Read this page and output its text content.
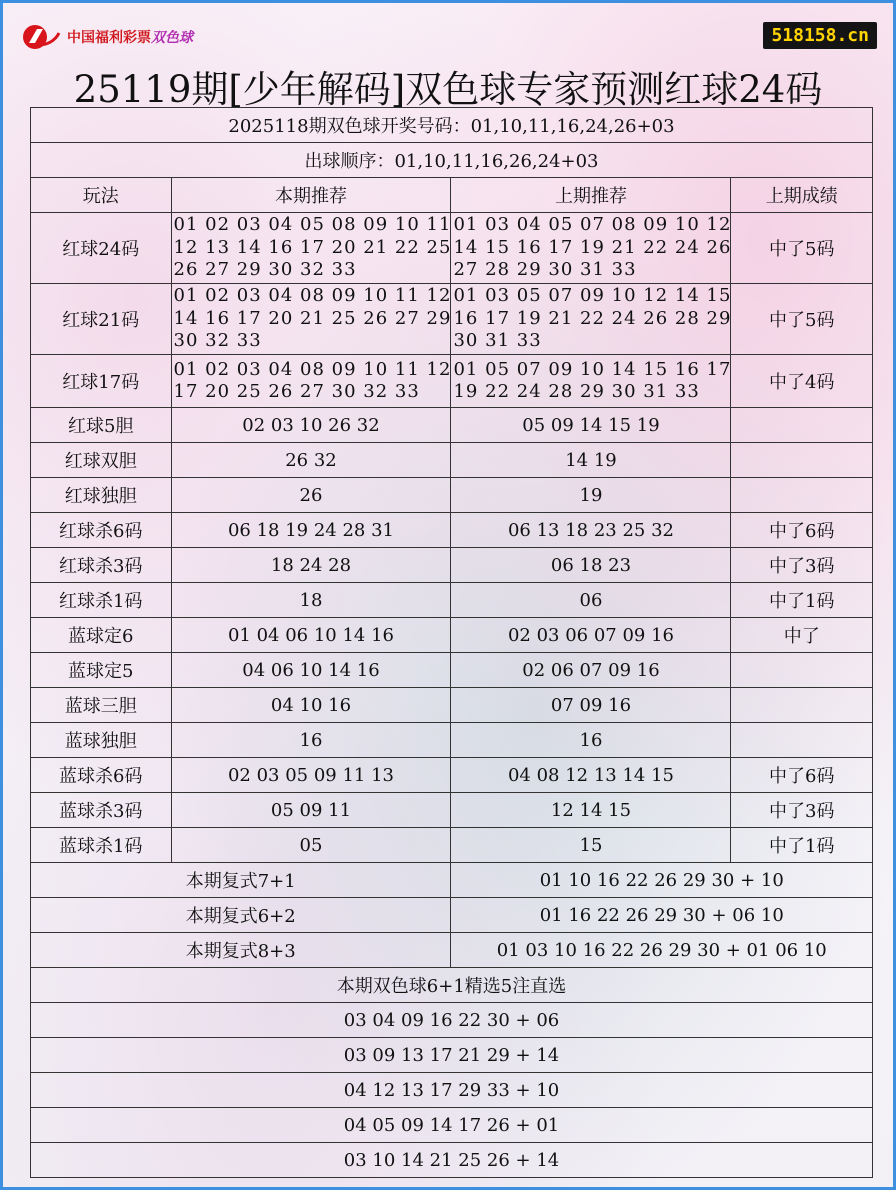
中国福利彩票双色球	518158.cn
25119期[少年解码]双色球专家预测红球24码
2025118期双色球开奖号码：01,10,11,16,24,26+03			
出球顺序：01,10,11,16,26,24+03			
玩法	本期推荐	上期推荐	上期成绩
红球24码	01 02 03 04 05 08 09 10 11
12 13 14 16 17 20 21 22 25
26 27 29 30 32 33	01 03 04 05 07 08 09 10 12
14 15 16 17 19 21 22 24 26
27 28 29 30 31 33	中了5码
红球21码	01 02 03 04 08 09 10 11 12
14 16 17 20 21 25 26 27 29
30 32 33	01 03 05 07 09 10 12 14 15
16 17 19 21 22 24 26 28 29
30 31 33	中了5码
红球17码	01 02 03 04 08 09 10 11 12
17 20 25 26 27 30 32 33	01 05 07 09 10 14 15 16 17
19 22 24 28 29 30 31 33	中了4码
红球5胆	02 03 10 26 32	05 09 14 15 19	
红球双胆	26 32	14 19	
红球独胆	26	19	
红球杀6码	06 18 19 24 28 31	06 13 18 23 25 32	中了6码
红球杀3码	18 24 28	06 18 23	中了3码
红球杀1码	18	06	中了1码
蓝球定6	01 04 06 10 14 16	02 03 06 07 09 16	中了
蓝球定5	04 06 10 14 16	02 06 07 09 16	
蓝球三胆	04 10 16	07 09 16	
蓝球独胆	16	16	
蓝球杀6码	02 03 05 09 11 13	04 08 12 13 14 15	中了6码
蓝球杀3码	05 09 11	12 14 15	中了3码
蓝球杀1码	05	15	中了1码
本期复式7+1		01 10 16 22 26 29 30 + 10	
本期复式6+2		01 16 22 26 29 30 + 06 10	
本期复式8+3		01 03 10 16 22 26 29 30 + 01 06 10	
本期双色球6+1精选5注直选			
03 04 09 16 22 30 + 06			
03 09 13 17 21 29 + 14			
04 12 13 17 29 33 + 10			
04 05 09 14 17 26 + 01			
03 10 14 21 25 26 + 14			
